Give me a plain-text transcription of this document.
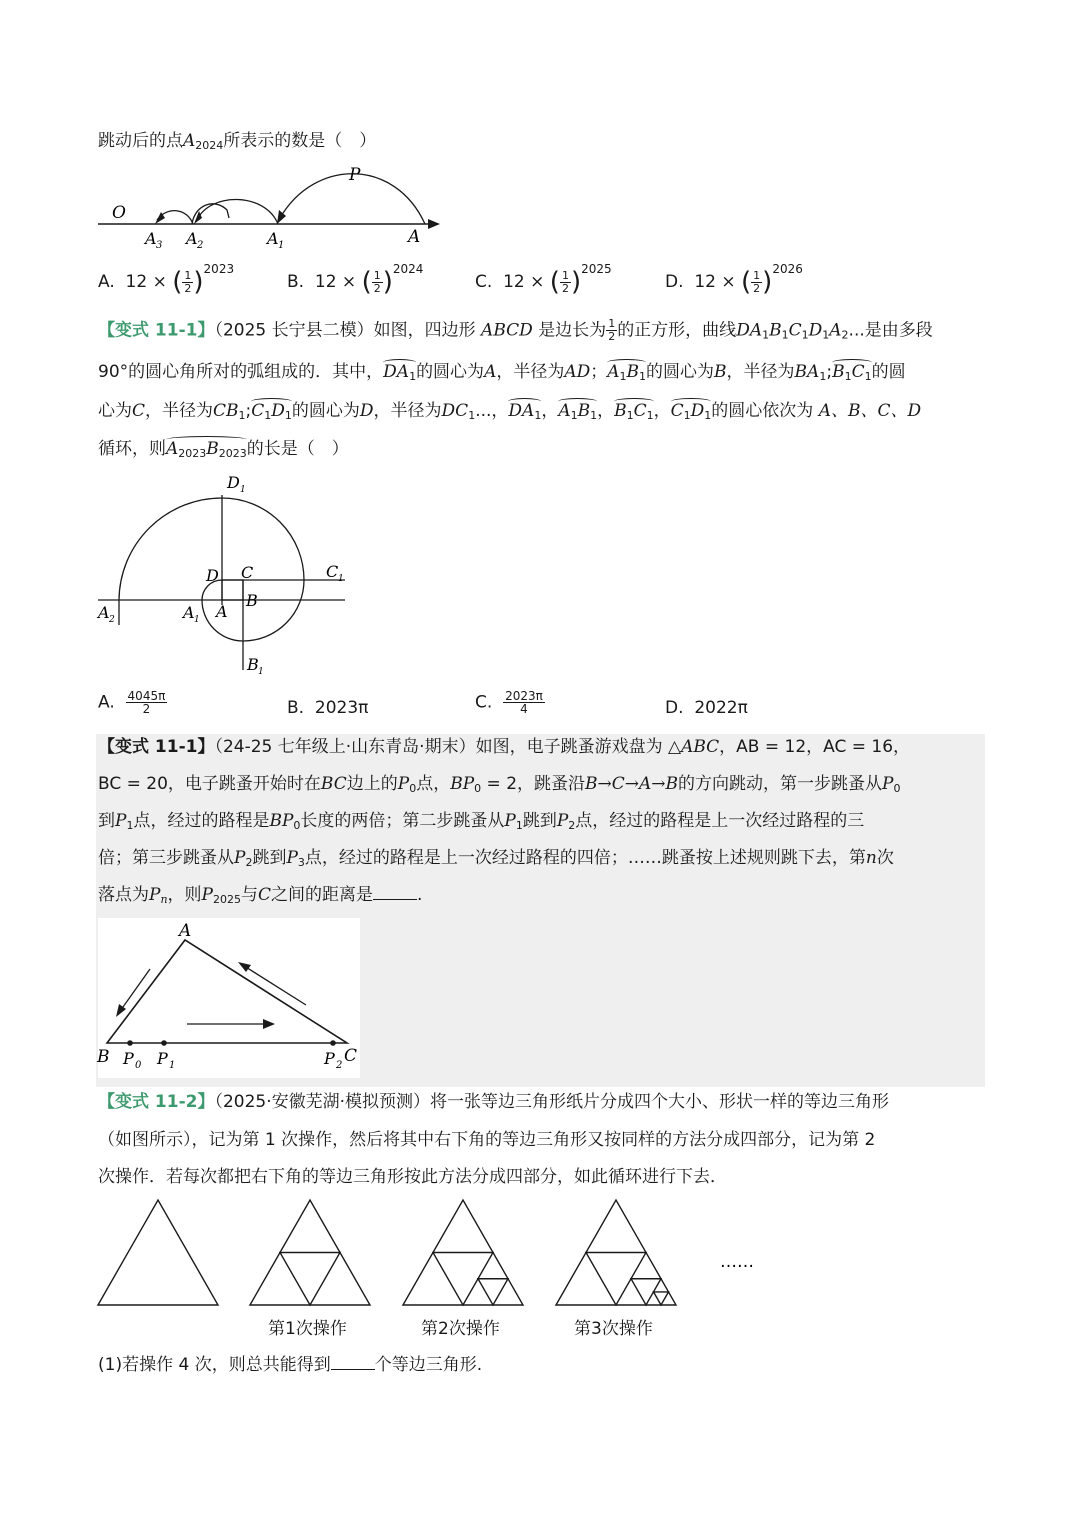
跳动后的点$A_{2024}$所表示的数是（　）
O
A 3 A 2	A 1	A
P
A. 12 × ( $\frac{1}{2} )^{2023}$
B. 12 × ( $\frac{1}{2} )^{2024}$
C. 12 × ( $\frac{1}{2} )^{2025}$
D. 12 × ( $\frac{1}{2} )^{2026}$
【变式 11-1】（2025 长宁县二模）如图，四边形 ABCD 是边长为 $\frac{1}{2}$ 的正方形，曲线$DA_1B_1C_1D_1A_2$...是由多段
90°的圆心角所对的弧组成的．其中，$DA_1$的圆心为A，半径为AD；$A_1B_1$的圆心为B，半径为$BA_1;B_1C_1$的圆
心为C，半径为$CB_1;C_1D_1$的圆心为D，半径为$DC_1$...，$DA_1$，$A_1B_1$，$B_1C_1$，$C_1D_1$的圆心依次为 A、B、C、D
循环，则$A_{2023}B_{2023}$的长是（　）
D 1
C 1
D C
B
A 2	A 1 A
B 1
A. $\frac{4045\pi}{2}$	B. 2023π	C. $\frac{2023\pi}{4}$	D. 2022π
【变式 11-1】（24-25 七年级上·山东青岛·期末）如图，电子跳蚤游戏盘为 △ABC，AB = 12，AC = 16，
BC = 20，电子跳蚤开始时在BC边上的$P_0$点，$BP_0 = 2$，跳蚤沿B→C→A→B的方向跳动，第一步跳蚤从$P_0$
到$P_1$点，经过的路程是$BP_0$长度的两倍；第二步跳蚤从$P_1$跳到$P_2$点，经过的路程是上一次经过路程的三
倍；第三步跳蚤从$P_2$跳到$P_3$点，经过的路程是上一次经过路程的四倍；……跳蚤按上述规则跳下去，第n次
落点为$P_n$，则$P_{2025}$与C之间的距离是	.
A
B	C
P 0 P 1	P 2
【变式 11-2】（2025·安徽芜湖·模拟预测）将一张等边三角形纸片分成四个大小、形状一样的等边三角形
（如图所示），记为第 1 次操作，然后将其中右下角的等边三角形又按同样的方法分成四部分，记为第 2
次操作．若每次都把右下角的等边三角形按此方法分成四部分，如此循环进行下去．
……
第1次操作	第2次操作	第3次操作
(1)若操作 4 次，则总共能得到	个等边三角形.
